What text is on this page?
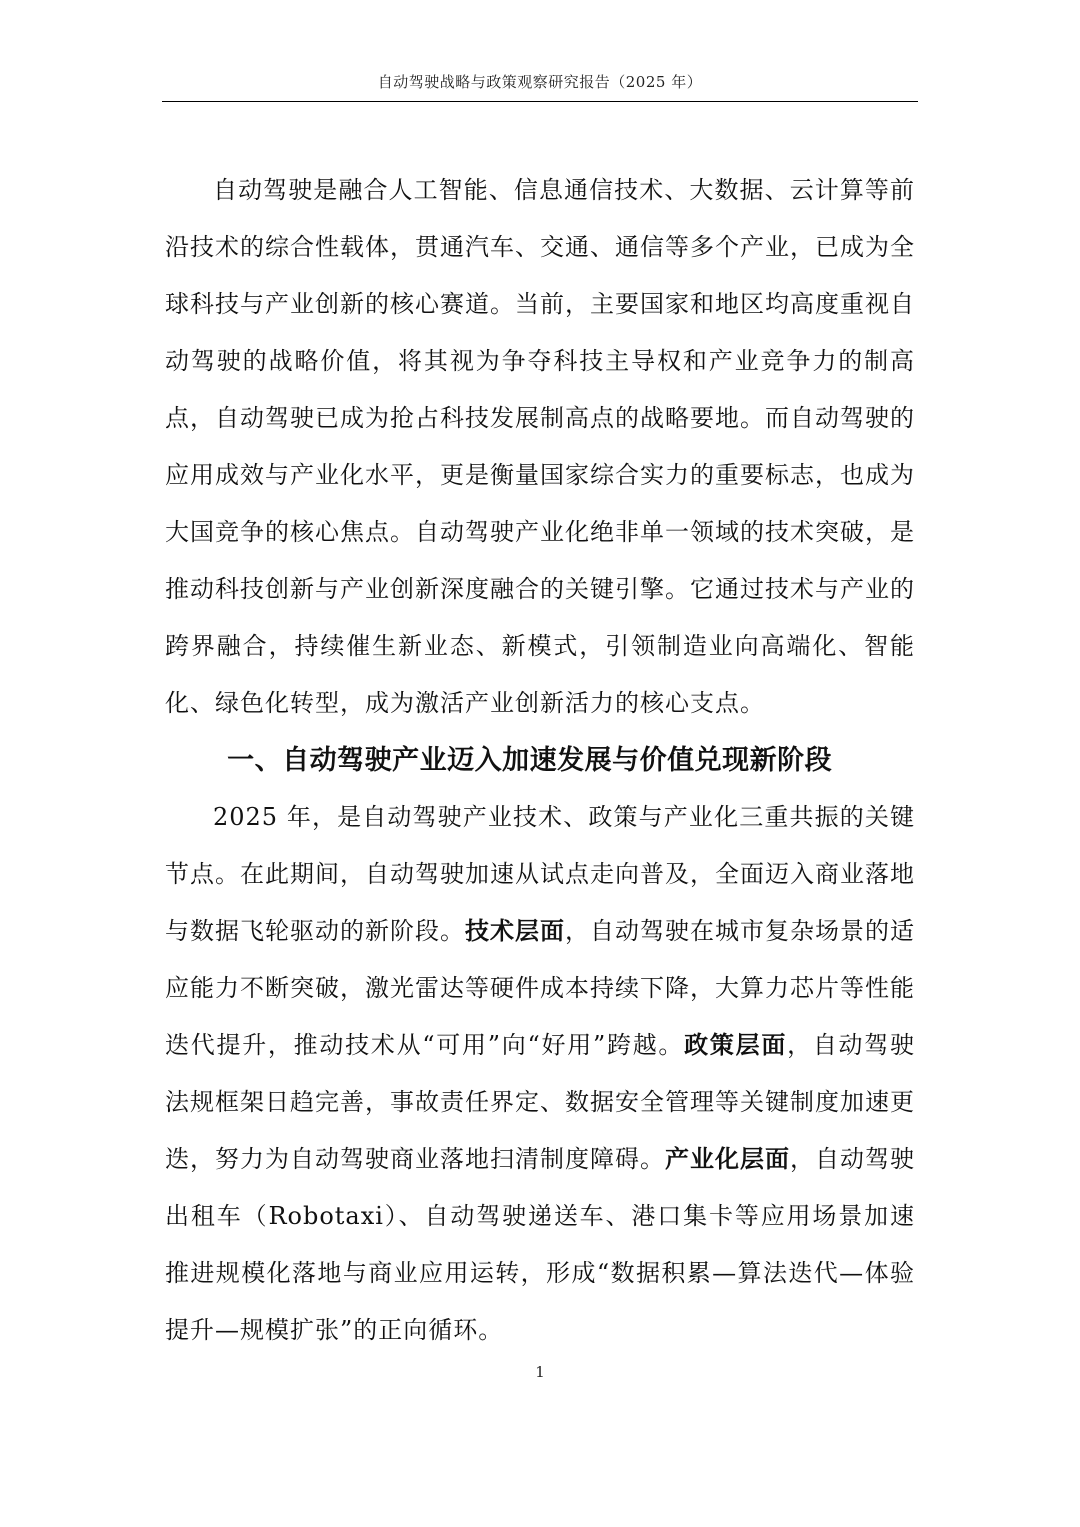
自动驾驶战略与政策观察研究报告（2025 年）

自动驾驶是融合人工智能、信息通信技术、大数据、云计算等前沿技术的综合性载体，贯通汽车、交通、通信等多个产业，已成为全球科技与产业创新的核心赛道。当前，主要国家和地区均高度重视自动驾驶的战略价值，将其视为争夺科技主导权和产业竞争力的制高点，自动驾驶已成为抢占科技发展制高点的战略要地。而自动驾驶的应用成效与产业化水平，更是衡量国家综合实力的重要标志，也成为大国竞争的核心焦点。自动驾驶产业化绝非单一领域的技术突破，是推动科技创新与产业创新深度融合的关键引擎。它通过技术与产业的跨界融合，持续催生新业态、新模式，引领制造业向高端化、智能化、绿色化转型，成为激活产业创新活力的核心支点。

一、自动驾驶产业迈入加速发展与价值兑现新阶段

2025 年，是自动驾驶产业技术、政策与产业化三重共振的关键节点。在此期间，自动驾驶加速从试点走向普及，全面迈入商业落地与数据飞轮驱动的新阶段。技术层面，自动驾驶在城市复杂场景的适应能力不断突破，激光雷达等硬件成本持续下降，大算力芯片等性能迭代提升，推动技术从“可用”向“好用”跨越。政策层面，自动驾驶法规框架日趋完善，事故责任界定、数据安全管理等关键制度加速更迭，努力为自动驾驶商业落地扫清制度障碍。产业化层面，自动驾驶出租车（Robotaxi）、自动驾驶递送车、港口集卡等应用场景加速推进规模化落地与商业应用运转，形成“数据积累—算法迭代—体验提升—规模扩张”的正向循环。

1
